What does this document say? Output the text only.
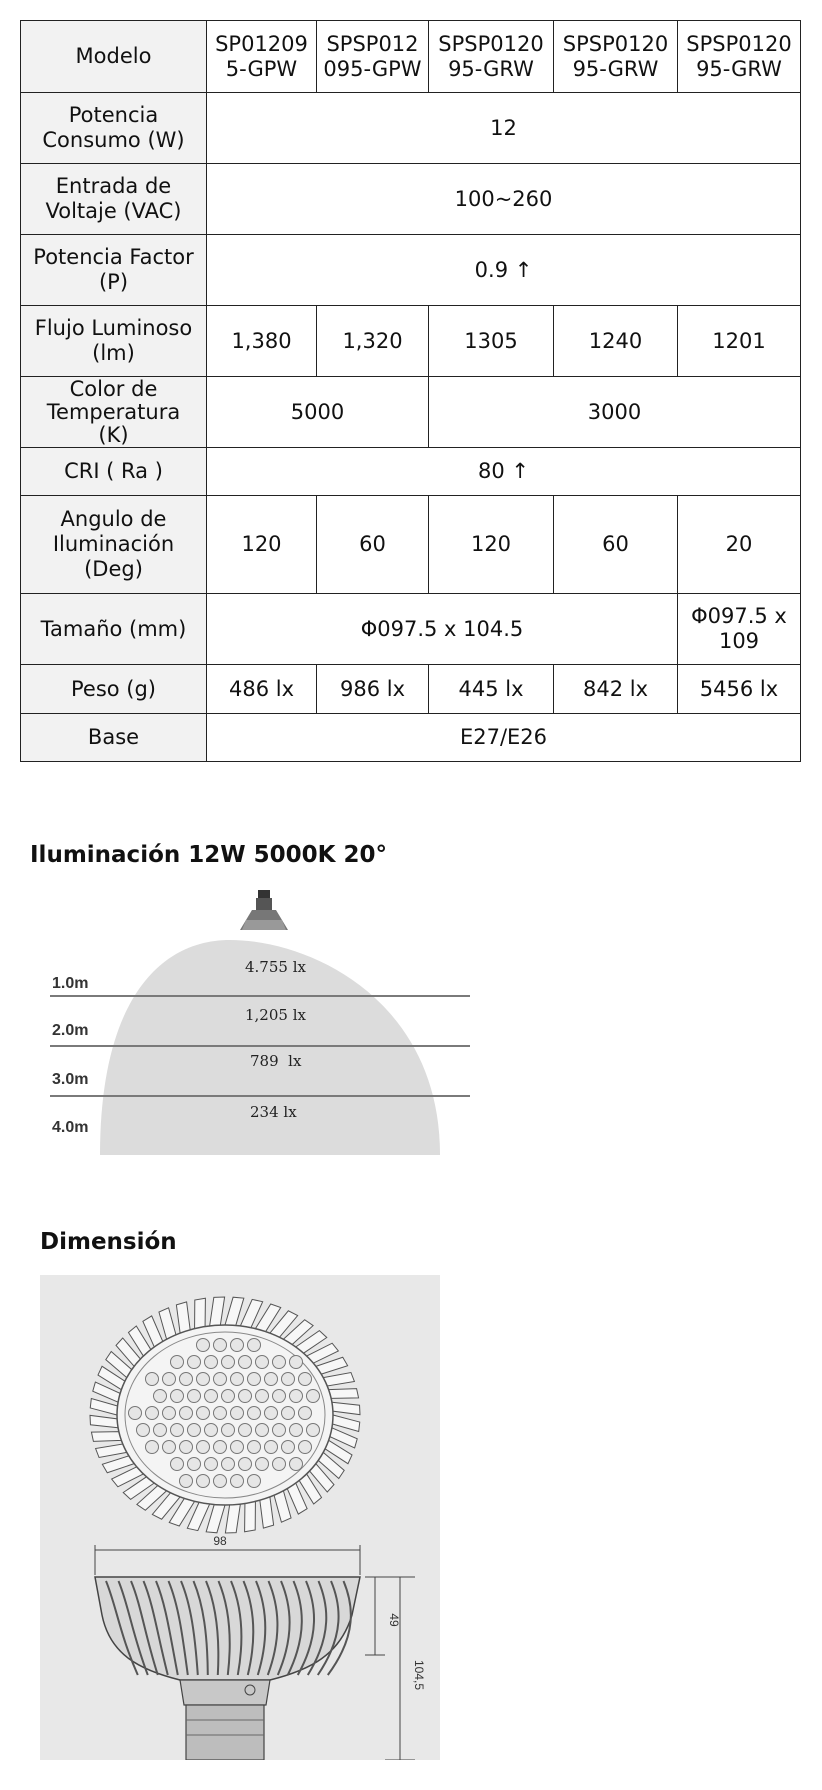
Modelo	SP012095-GPW	SPSP012095-GPW	SPSP012095-GRW	SPSP012095-GRW	SPSP012095-GRW

Potencia
Consumo (W)	12				

Entrada de
Voltaje (VAC)	100~260				

Potencia Factor
(P)	0.9 ↑				

Flujo Luminoso
(lm)	1,380	1,320	1305	1240	1201

Color de
Temperatura
(K)	5000		3000		
CRI ( Ra )	80 ↑				

Angulo de
Iluminación
(Deg)	120	60	120	60	20
Tamaño (mm)	Φ097.5 x 104.5				Φ097.5 x 109
Peso (g)	486 lx	986 lx	445 lx	842 lx	5456 lx
Base	E27/E26				
Iluminación 12W 5000K 20°
1.0m
2.0m
3.0m
4.0m
4.755 lx
1,205 lx
789  lx
234 lx
Dimensión
98
49
104,5
